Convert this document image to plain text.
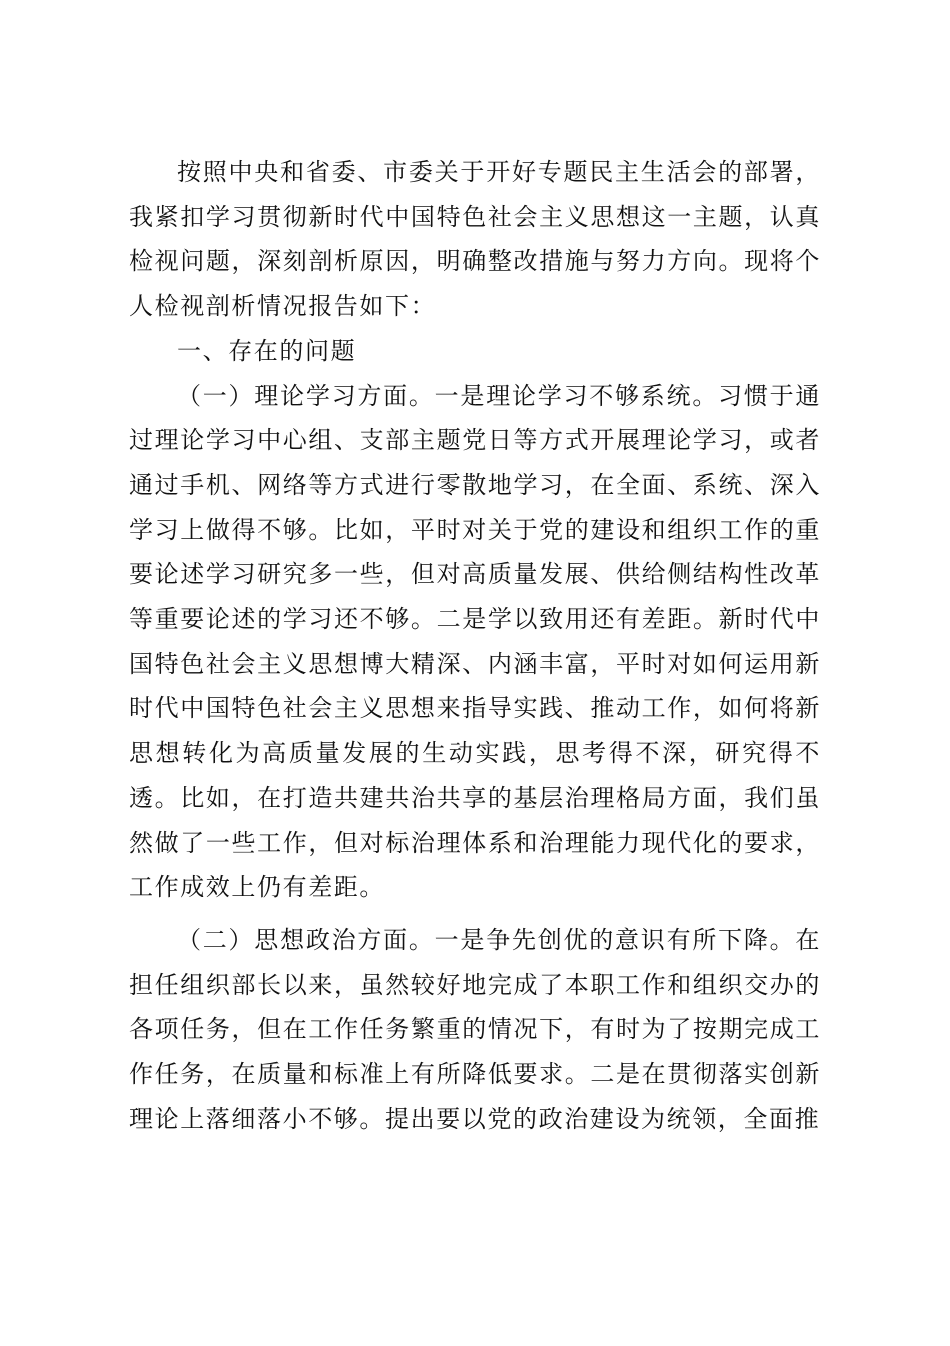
按照中央和省委、市委关于开好专题民主生活会的部署，我紧扣学习贯彻新时代中国特色社会主义思想这一主题，认真检视问题，深刻剖析原因，明确整改措施与努力方向。现将个人检视剖析情况报告如下：

一、存在的问题

（一）理论学习方面。一是理论学习不够系统。习惯于通过理论学习中心组、支部主题党日等方式开展理论学习，或者通过手机、网络等方式进行零散地学习，在全面、系统、深入学习上做得不够。比如，平时对关于党的建设和组织工作的重要论述学习研究多一些，但对高质量发展、供给侧结构性改革等重要论述的学习还不够。二是学以致用还有差距。新时代中国特色社会主义思想博大精深、内涵丰富，平时对如何运用新时代中国特色社会主义思想来指导实践、推动工作，如何将新思想转化为高质量发展的生动实践，思考得不深，研究得不透。比如，在打造共建共治共享的基层治理格局方面，我们虽然做了一些工作，但对标治理体系和治理能力现代化的要求，工作成效上仍有差距。

（二）思想政治方面。一是争先创优的意识有所下降。在担任组织部长以来，虽然较好地完成了本职工作和组织交办的各项任务，但在工作任务繁重的情况下，有时为了按期完成工作任务，在质量和标准上有所降低要求。二是在贯彻落实创新理论上落细落小不够。提出要以党的政治建设为统领，全面推
